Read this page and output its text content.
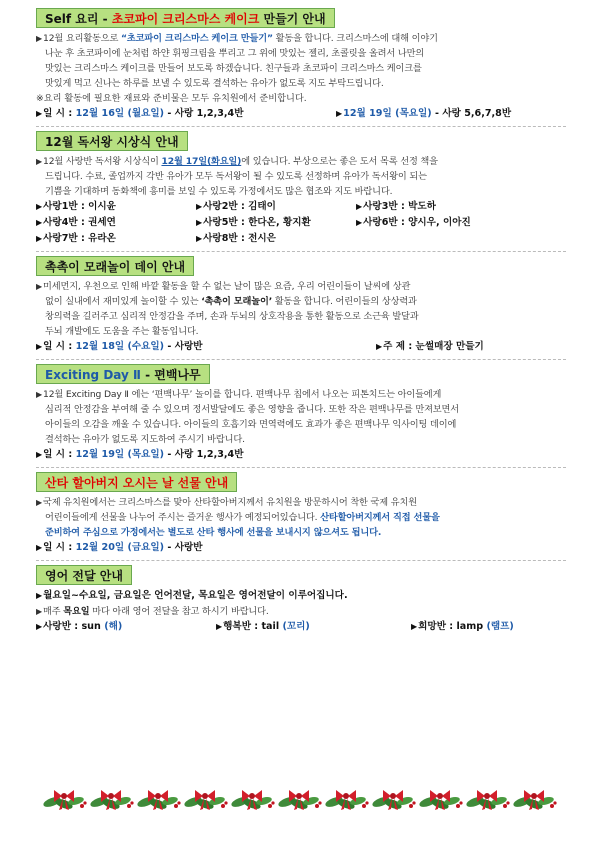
Self 요리 - 초코파이 크리스마스 케이크 만들기 안내
▶12월 요리활동으로 “초코파이 크리스마스 케이크 만들기” 활동을 합니다. 크리스마스에 대해 이야기
나눈 후 초코파이에 눈처럼 하얀 휘핑크림을 뿌리고 그 위에 맛있는 젤리, 초콜릿을 올려서 나만의
맛있는 크리스마스 케이크를 만들어 보도록 하겠습니다. 친구들과 초코파이 크리스마스 케이크를
맛있게 먹고 신나는 하루를 보낼 수 있도록 결석하는 유아가 없도록 지도 부탁드립니다.
※요리 활동에 필요한 재료와 준비물은 모두 유치원에서 준비합니다.
▶일 시 : 12월 16일 (월요일) - 사랑 1,2,3,4반	▶12월 19일 (목요일) - 사랑 5,6,7,8반
12월 독서왕 시상식 안내
▶12월 사랑반 독서왕 시상식이 12월 17일(화요일)에 있습니다. 부상으로는 좋은 도서 목록 선정 책을
드립니다. 수료, 졸업까지 각반 유아가 모두 독서왕이 될 수 있도록 선정하며 유아가 독서왕이 되는
기쁨을 기대하며 동화책에 흥미를 보일 수 있도록 가정에서도 많은 협조와 지도 바랍니다.
▶사랑1반 : 이시윤	▶사랑2반 : 김태이	▶사랑3반 : 박도하
▶사랑4반 : 권세연	▶사랑5반 : 한다온, 황지환	▶사랑6반 : 양시우, 이아진
▶사랑7반 : 유라온	▶사랑8반 : 전시은
촉촉이 모래놀이 데이 안내
▶미세먼지, 우천으로 인해 바깥 활동을 할 수 없는 날이 많은 요즘, 우리 어린이들이 날씨에 상관
없이 실내에서 재미있게 놀이할 수 있는 ‘촉촉이 모래놀이’ 활동을 합니다. 어린이들의 상상력과
창의력을 길러주고 심리적 안정감을 주며, 손과 두뇌의 상호작용을 통한 활동으로 소근육 발달과
두뇌 개발에도 도움을 주는 활동입니다.
▶일 시 : 12월 18일 (수요일) - 사랑반	▶주 제 : 눈썰매장 만들기
Exciting Day Ⅱ - 편백나무
▶12월 Exciting Day Ⅱ 에는 ‘편백나무’ 놀이를 합니다. 편백나무 칩에서 나오는 피톤치드는 아이들에게
심리적 안정감을 부여해 줄 수 있으며 정서발달에도 좋은 영향을 줍니다. 또한 작은 편백나무를 만져보면서
아이들의 오감을 깨울 수 있습니다. 아이들의 호흡기와 면역력에도 효과가 좋은 편백나무 익사이팅 데이에
결석하는 유아가 없도록 지도하여 주시기 바랍니다.
▶일 시 : 12월 19일 (목요일) - 사랑 1,2,3,4반
산타 할아버지 오시는 날 선물 안내
▶국제 유치원에서는 크리스마스를 맞아 산타할아버지께서 유치원을 방문하시어 착한 국제 유치원
어린이들에게 선물을 나누어 주시는 즐거운 행사가 예정되어있습니다. 산타할아버지께서 직접 선물을
준비하여 주심으로 가정에서는 별도로 산타 행사에 선물을 보내시지 않으셔도 됩니다.
▶일 시 : 12월 20일 (금요일) - 사랑반
영어 전달 안내
▶월요일~수요일, 금요일은 언어전달, 목요일은 영어전달이 이루어집니다.
▶매주 목요일 마다 아래 영어 전달을 참고 하시기 바랍니다.
▶사랑반 : sun (해)	▶행복반 : tail (꼬리)	▶희망반 : lamp (램프)
